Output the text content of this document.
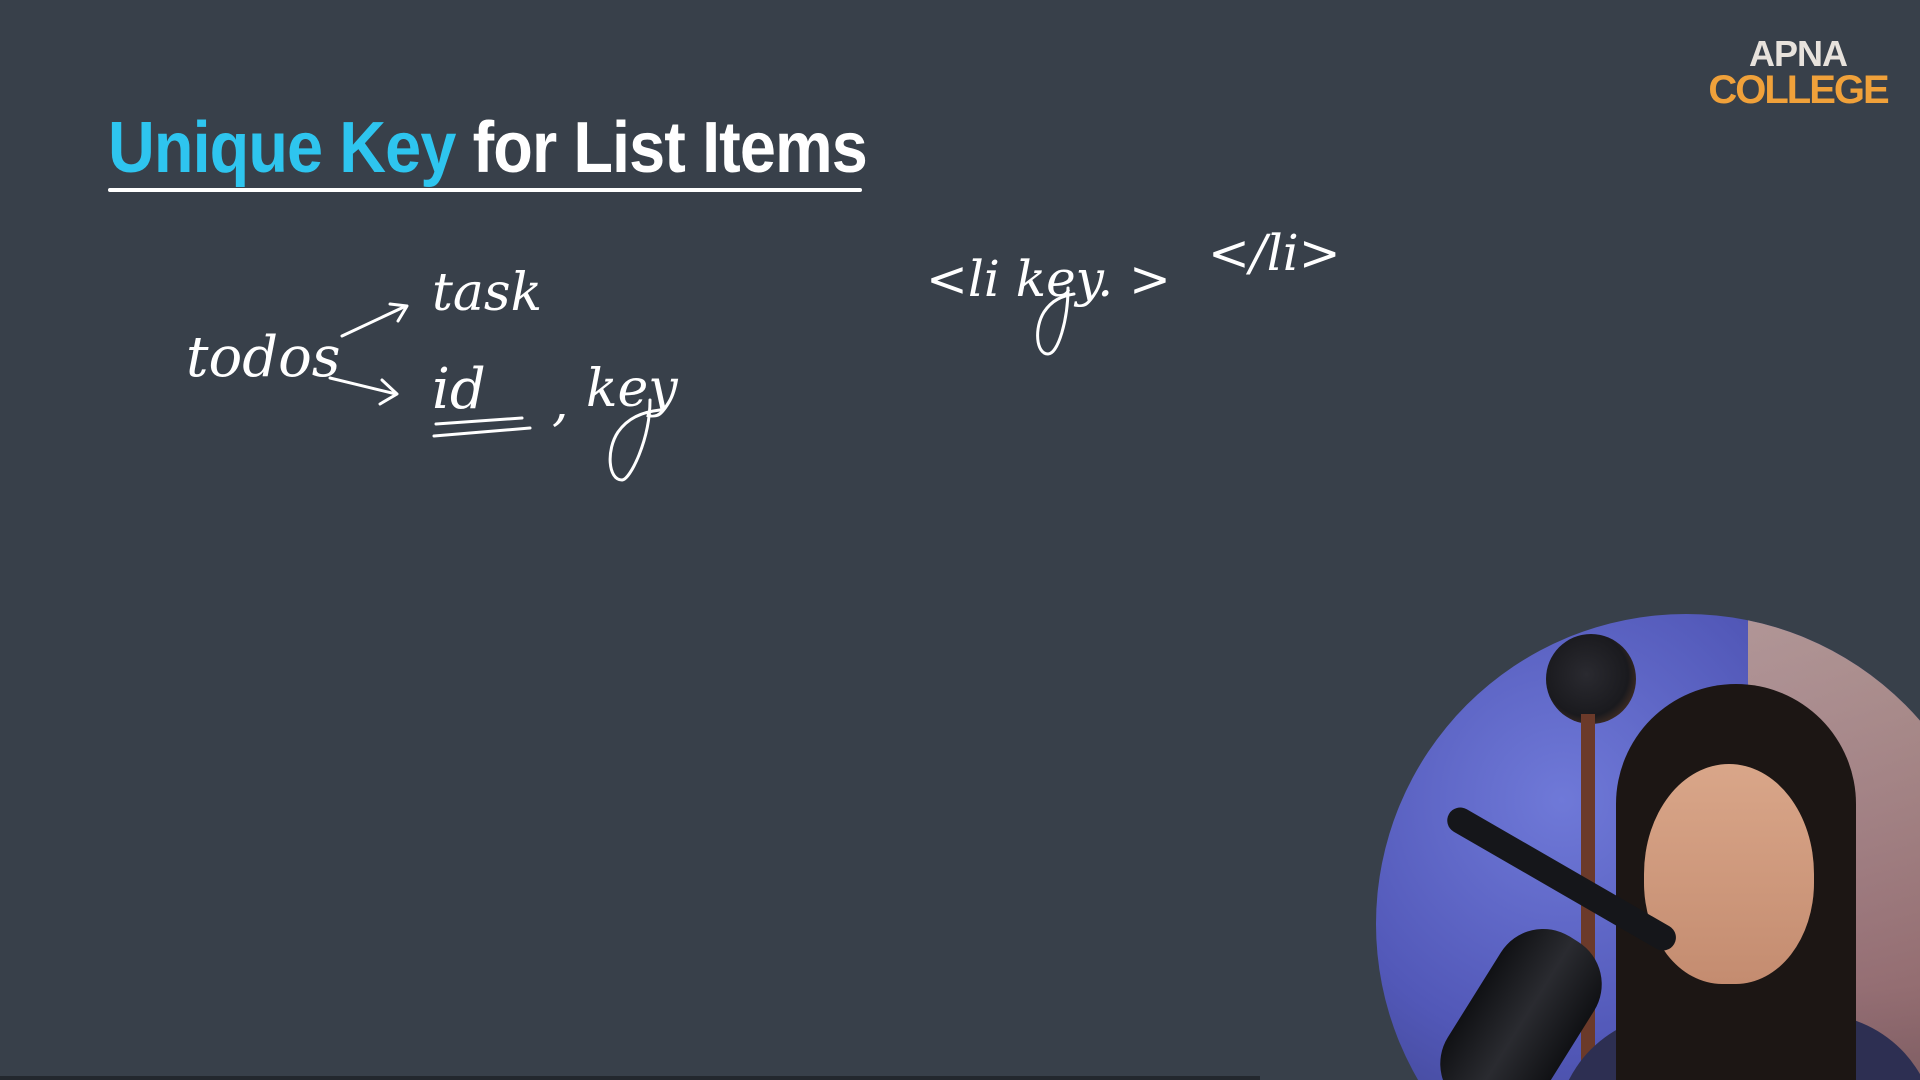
Unique Key for List Items
APNA
COLLEGE
todos
task
id , key
<li key. > </li>
